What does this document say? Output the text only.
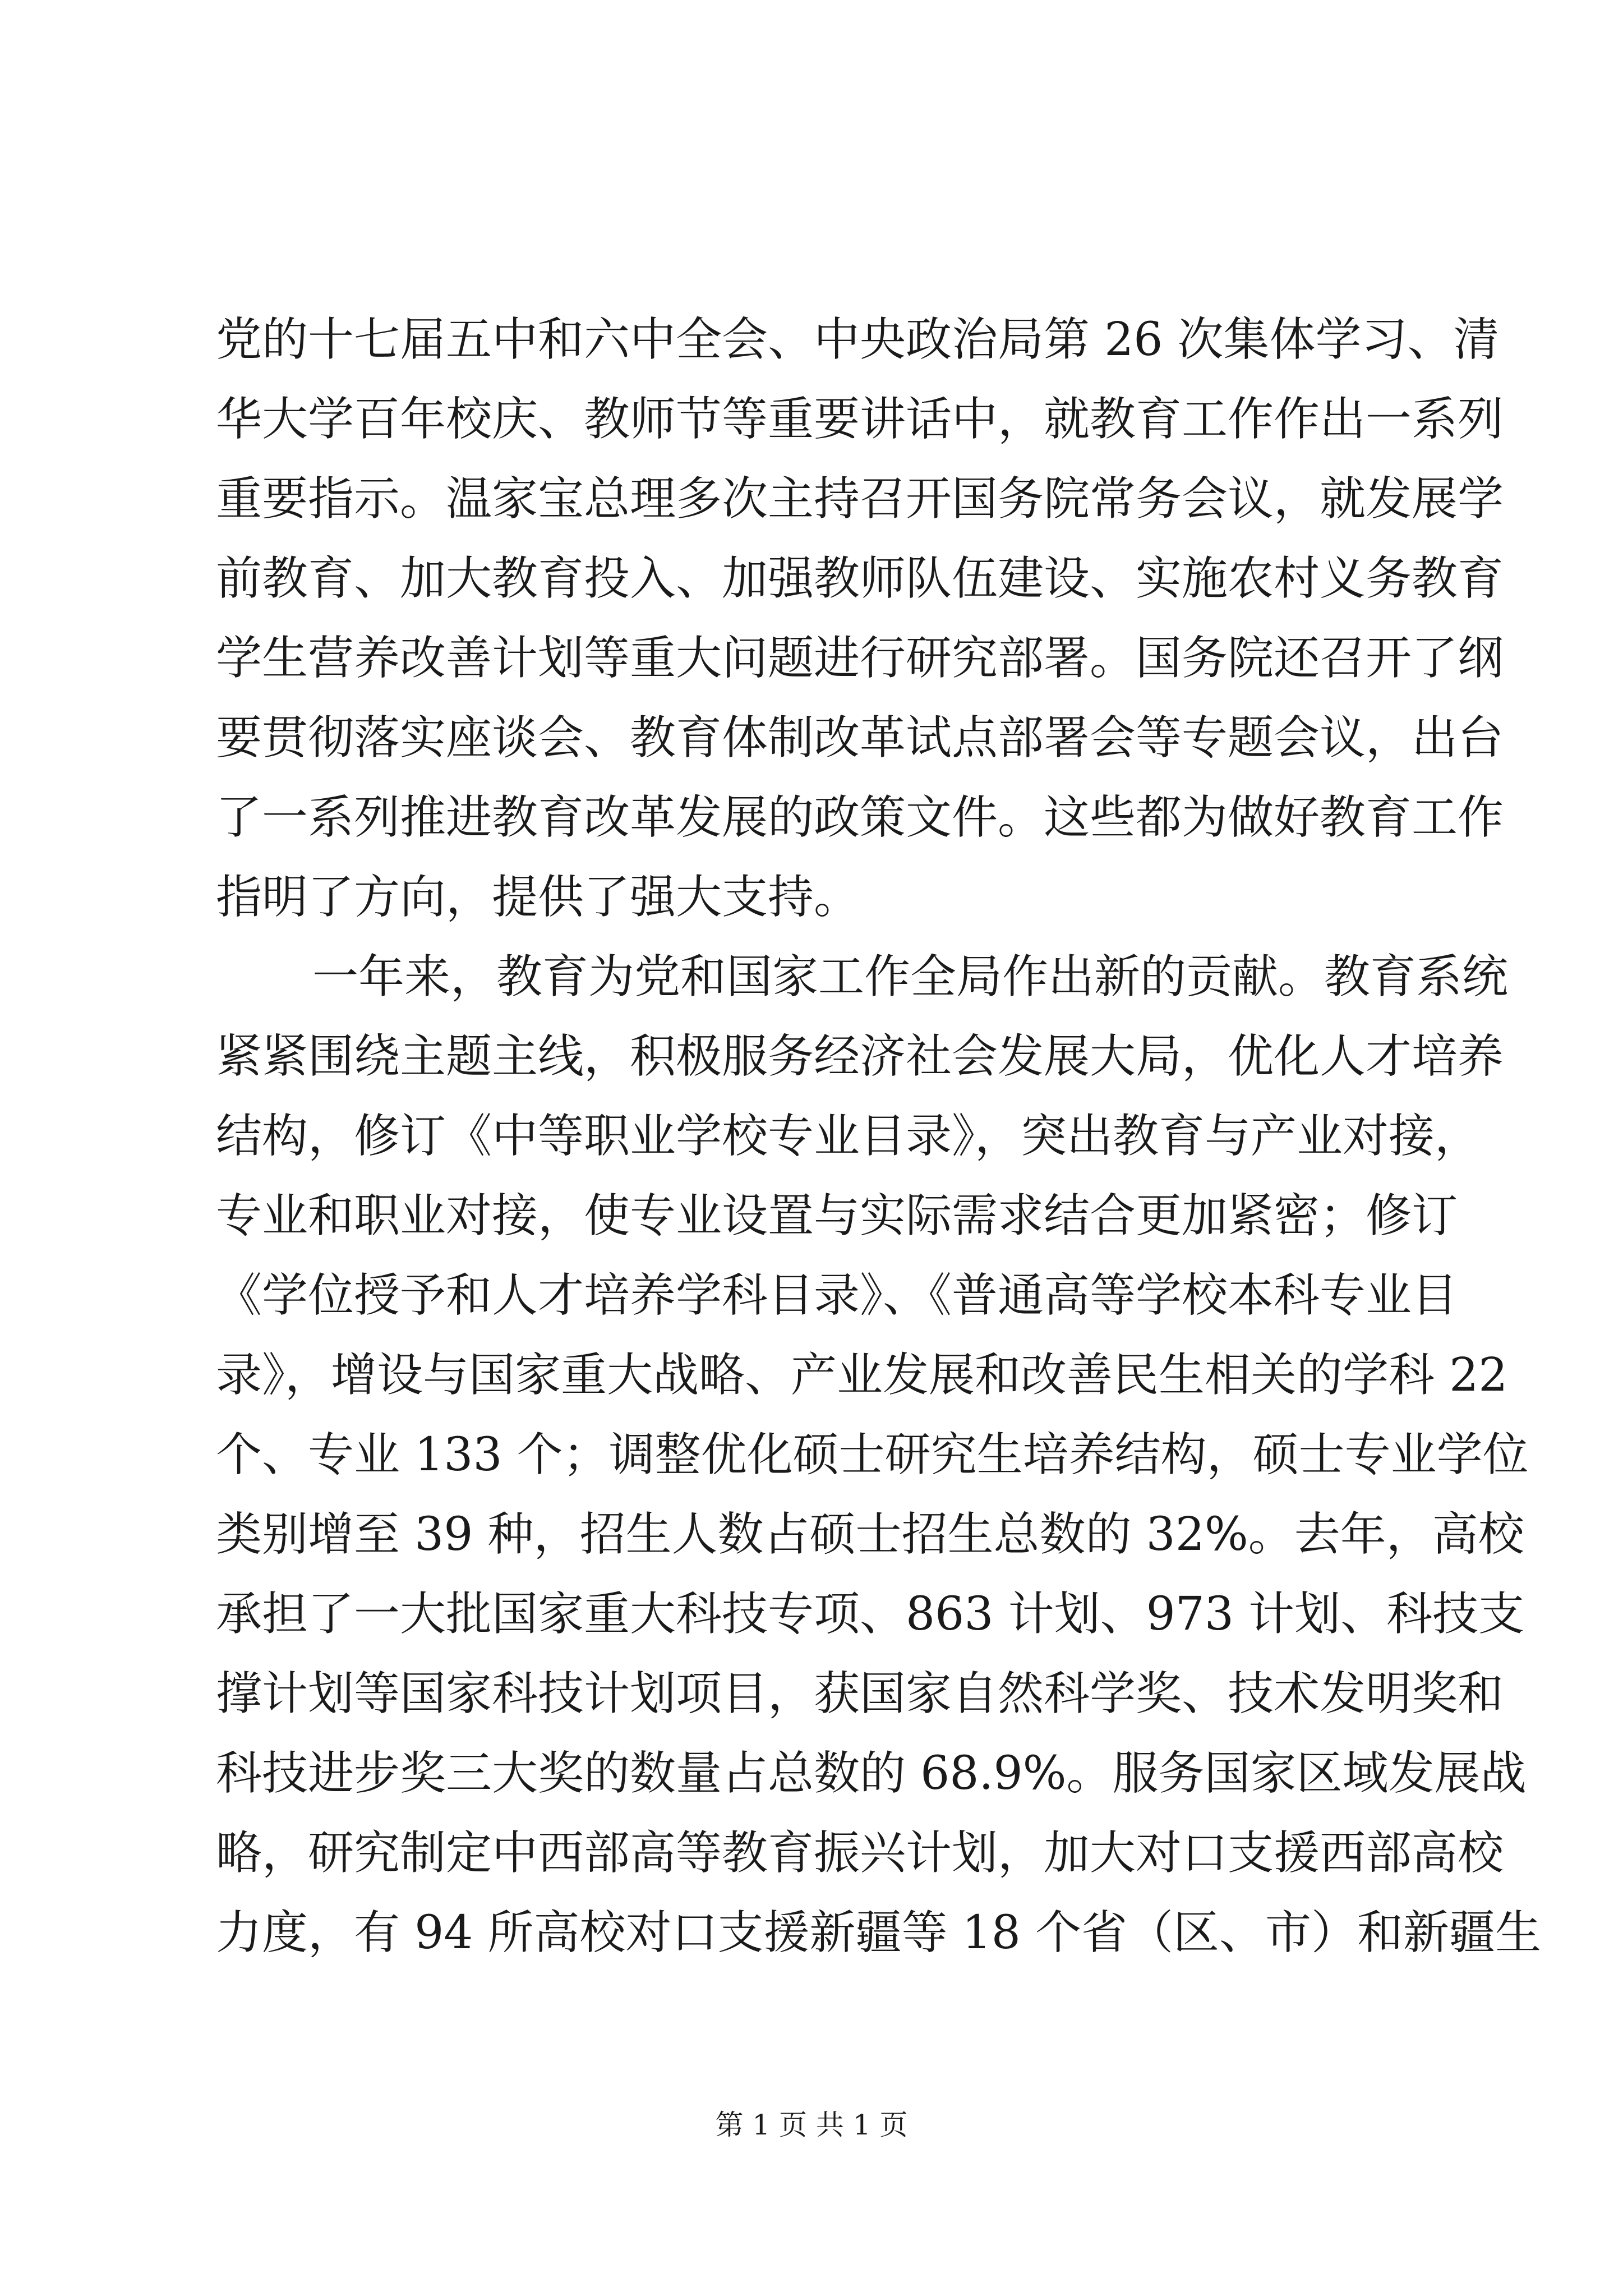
党的十七届五中和六中全会、中央政治局第 26 次集体学习、清
华大学百年校庆、教师节等重要讲话中，就教育工作作出一系列
重要指示。温家宝总理多次主持召开国务院常务会议，就发展学
前教育、加大教育投入、加强教师队伍建设、实施农村义务教育
学生营养改善计划等重大问题进行研究部署。国务院还召开了纲
要贯彻落实座谈会、教育体制改革试点部署会等专题会议，出台
了一系列推进教育改革发展的政策文件。这些都为做好教育工作
指明了方向，提供了强大支持。
一年来，教育为党和国家工作全局作出新的贡献。教育系统
紧紧围绕主题主线，积极服务经济社会发展大局，优化人才培养
结构，修订《中等职业学校专业目录》，突出教育与产业对接，
专业和职业对接，使专业设置与实际需求结合更加紧密；修订
《学位授予和人才培养学科目录》、《普通高等学校本科专业目
录》，增设与国家重大战略、产业发展和改善民生相关的学科 22
个、专业 133 个；调整优化硕士研究生培养结构，硕士专业学位
类别增至 39 种，招生人数占硕士招生总数的 32%。去年，高校
承担了一大批国家重大科技专项、863 计划、973 计划、科技支
撑计划等国家科技计划项目，获国家自然科学奖、技术发明奖和
科技进步奖三大奖的数量占总数的 68.9%。服务国家区域发展战
略，研究制定中西部高等教育振兴计划，加大对口支援西部高校
力度，有 94 所高校对口支援新疆等 18 个省（区、市）和新疆生
第 1 页 共 1 页
